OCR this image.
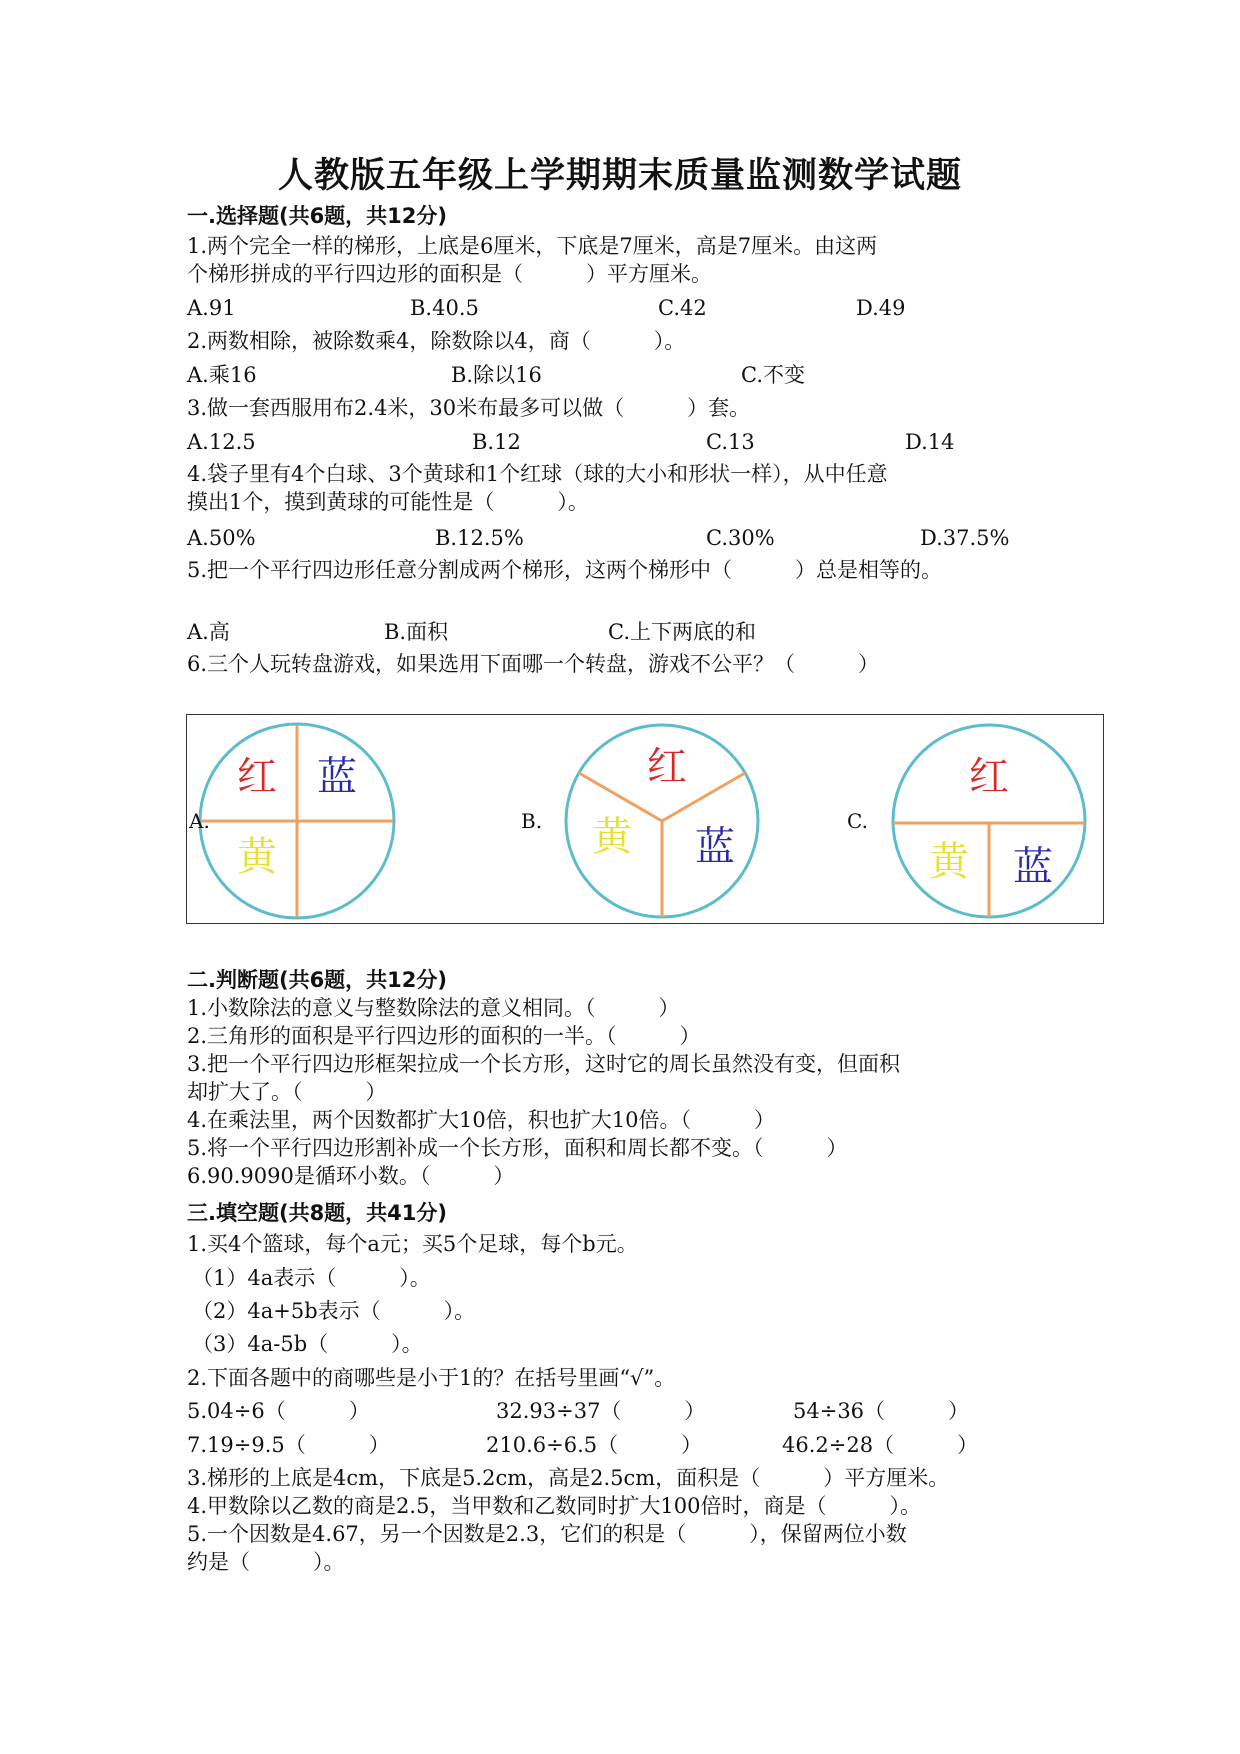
人教版五年级上学期期末质量监测数学试题
一.选择题(共6题，共12分)
1.两个完全一样的梯形，上底是6厘米，下底是7厘米，高是7厘米。由这两
个梯形拼成的平行四边形的面积是（　　　）平方厘米。
A.91	B.40.5	C.42	D.49
2.两数相除，被除数乘4，除数除以4，商（　　　）。
A.乘16	B.除以16	C.不变
3.做一套西服用布2.4米，30米布最多可以做（　　　）套。
A.12.5	B.12	C.13	D.14
4.袋子里有4个白球、3个黄球和1个红球（球的大小和形状一样），从中任意
摸出1个，摸到黄球的可能性是（　　　）。
A.50%	B.12.5%	C.30%	D.37.5%
5.把一个平行四边形任意分割成两个梯形，这两个梯形中（　　　）总是相等的。
A.高	B.面积	C.上下两底的和
6.三个人玩转盘游戏，如果选用下面哪一个转盘，游戏不公平？（　　　）
红 蓝
黄
红
黄 蓝
红
黄 蓝
A.	B.	C.
二.判断题(共6题，共12分)
1.小数除法的意义与整数除法的意义相同。（　　　）
2.三角形的面积是平行四边形的面积的一半。（　　　）
3.把一个平行四边形框架拉成一个长方形，这时它的周长虽然没有变，但面积
却扩大了。（　　　）
4.在乘法里，两个因数都扩大10倍，积也扩大10倍。（　　　）
5.将一个平行四边形割补成一个长方形，面积和周长都不变。（　　　）
6.90.9090是循环小数。（　　　）
三.填空题(共8题，共41分)
1.买4个篮球，每个a元；买5个足球，每个b元。
（1）4a表示（　　　）。
（2）4a+5b表示（　　　）。
（3）4a-5b（　　　）。
2.下面各题中的商哪些是小于1的？在括号里画“√”。
5.04÷6（　　　）	32.93÷37（　　　）	54÷36（　　　）
7.19÷9.5（　　　）	210.6÷6.5（　　　）	46.2÷28（　　　）
3.梯形的上底是4cm，下底是5.2cm，高是2.5cm，面积是（　　　）平方厘米。
4.甲数除以乙数的商是2.5，当甲数和乙数同时扩大100倍时，商是（　　　）。
5.一个因数是4.67，另一个因数是2.3，它们的积是（　　　），保留两位小数
约是（　　　）。
